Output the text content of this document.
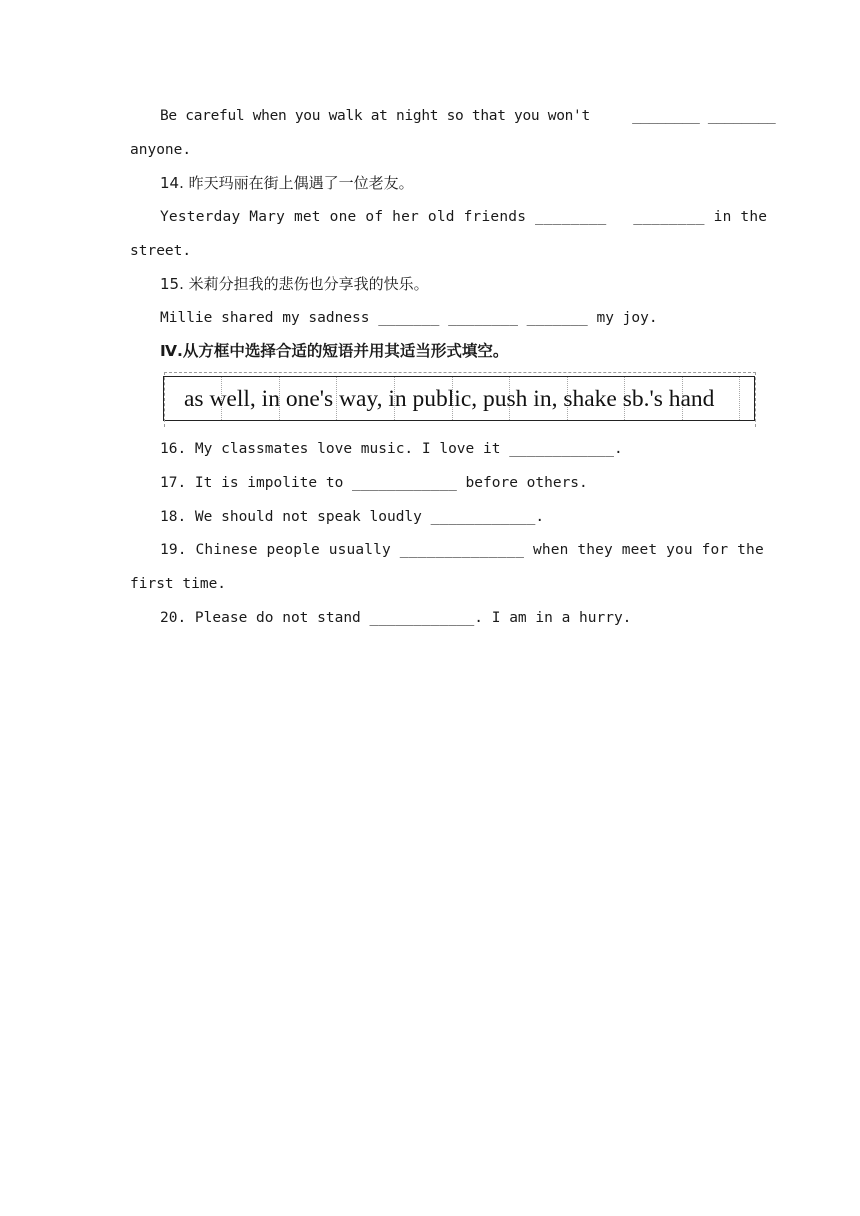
Be careful when you walk at night so that you won't     ________ ________
anyone.
14. 昨天玛丽在街上偶遇了一位老友。
Yesterday Mary met one of her old friends ________   ________ in the
street.
15. 米莉分担我的悲伤也分享我的快乐。
Millie shared my sadness _______ ________ _______ my joy.
Ⅳ.从方框中选择合适的短语并用其适当形式填空。
as well, in one's way, in public, push in, shake sb.'s hand
16. My classmates love music. I love it ____________.
17. It is impolite to ____________ before others.
18. We should not speak loudly ____________.
19. Chinese people usually ______________ when they meet you for the
first time.
20. Please do not stand ____________. I am in a hurry.
